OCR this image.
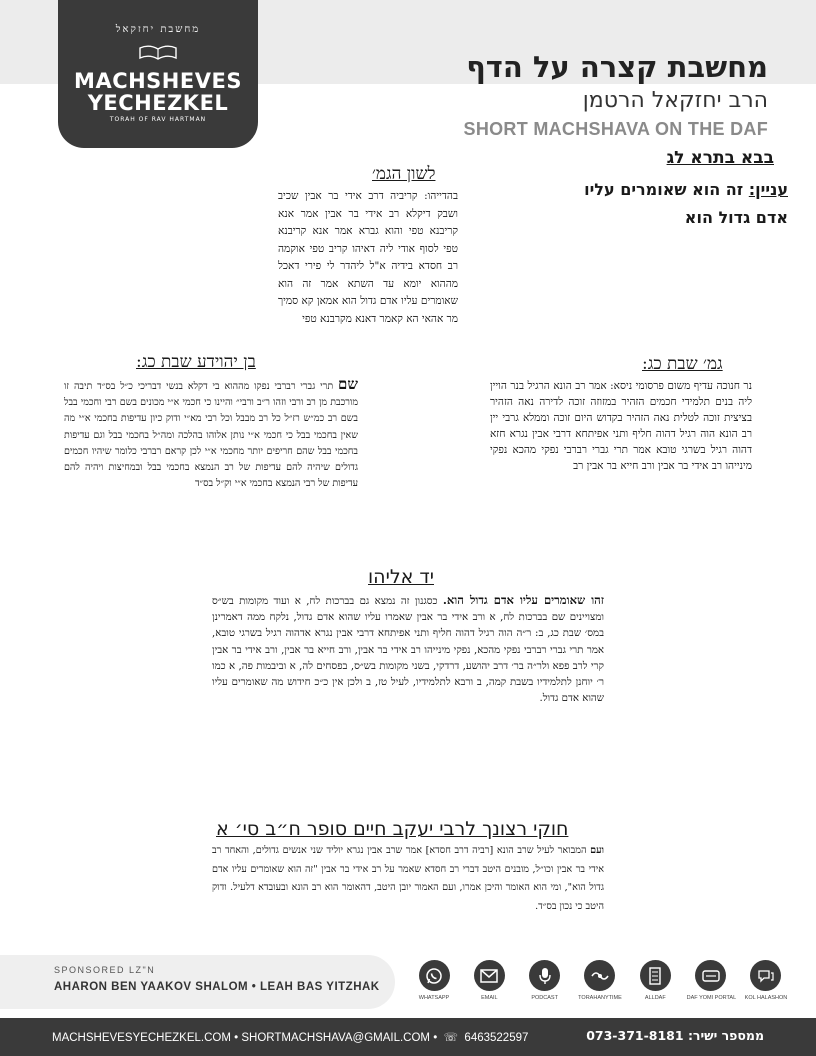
מחשבת יחזקאל
MACHSHEVES
YECHEZKEL
TORAH OF RAV HARTMAN
מחשבת קצרה על הדף
הרב יחזקאל הרטמן
SHORT MACHSHAVA ON THE DAF
בבא בתרא לג
עניין: זה הוא שאומרים עליו אדם גדול הוא
לשון הגמ׳
בהדייהו: קריביה דרב אידי בר אבין שכיב ושבק דיקלא רב אידי בר אבין אמר אנא קריבנא טפי והוא גברא אמר אנא קריבנא טפי לסוף אודי ליה דאיהו קריב טפי אוקמה רב חסדא בידיה א"ל ליהדר לי פירי דאכל מההוא יומא עד השתא אמר זה הוא שאומרים עליו אדם גדול הוא אמאן קא סמיך מר אהאי הא קאמר דאנא מקרבנא טפי
בן יהוידע שבת כג:
שם תרי גברי רברבי נפקו מההוא בי דקלא בנשי דבריכי כ״ל בס״ד תיבה זו מורכבת מן רב ורבי וזהו ר״ב ורבי״ והיינו כי חכמי א״י מכונים בשם רבי וחכמי בבל בשם רב כמ״ש רז״ל כל רב מבבל וכל רבי מא״י ודוק כיון עדיפות בחכמי א״י מה שאין בחכמי בבל כי חכמי א״י נותן אלוהו בהלכה ומה״ל בחכמי בבל וגם עדיפות בחכמי בבל שהם חריפים יותר מחכמי א״י לכן קראם רברבי כלומר שיהיו חכמים גדולים שיהיה להם עדיפות של רב הנמצא בחכמי בבל ובמחיצות ויהיה להם עדיפות של רבי הנמצא בחכמי א״י וק״ל בס״ד
גמ׳ שבת כג:
נר חנוכה עדיף משום פרסומי ניסא: אמר רב הונא הרגיל בנר הויין ליה בנים תלמידי חכמים הזהיר במזוזה זוכה לדירה נאה הזהיר בציצית זוכה לטלית נאה הזהיר בקדוש היום זוכה וממלא גרבי יין רב הונא הוה רגיל דהוה חליף ותני אפיתחא דרבי אבין נגרא חזא דהוה רגיל בשרגי טובא אמר תרי גברי רברבי נפקי מהכא נפקי מינייהו רב אידי בר אבין ורב חייא בר אבין רב
יד אליהו
זהו שאומרים עליו אדם גדול הוא. כסגנון זה נמצא גם בברכות לח, א ועוד מקומות בש״ס ומצויינים שם בברכות לח, א ורב אידי בר אבין שאמרו עליו שהוא אדם גדול, נלקח ממה דאמרינן במס׳ שבת כג, ב: ר״ה הוה רגיל דהוה חליף ותני אפיתחא דרבי אבין נגרא אדהוה רגיל בשרגי טובא, אמר תרי גברי רברבי נפקי מהכא, נפקי מינייהו רב אידי בר אבין, ורב חייא בר אבין, ורב אידי בר אבין קרי לרב פפא ולר״ה בר׳ דרב יהושע, דרדקי, בשני מקומות בש״ס, בפסחים לה, א וביבמות פה, א כמו ר׳ יוחנן לתלמידיו בשבת קמה, ב ורבא לתלמידיו, לעיל טז, ב ולכן אין כ״כ חידוש מה שאומרים עליו שהוא אדם גדול.
חוקי רצונך לרבי יעקב חיים סופר ח״ב סי׳ א
ועם המבואר לעיל שרב הונא [רביה דרב חסדא] אמר שרב אבין נגרא יוליד שני אנשים גדולים, והאחד רב אידי בר אבין וכו״ל, מובנים היטב דברי רב חסדא שאמר על רב אידי בר אבין "זה הוא שאומרים עליו אדם גדול הוא", ומי הוא האומר והיכן אמרו, ועם האמור יובן היטב, דהאומר הוא רב הונא ובעובדא דלעיל. ודוק היטב כי נכון בס״ד.
SPONSORED LZ"N
AHARON BEN YAAKOV SHALOM • LEAH BAS YITZHAK
WHATSAPP	EMAIL	PODCAST	TORAHANYTIME	ALLDAF	DAF YOMI PORTAL	KOL HALASHON
MACHSHEVESYECHEZKEL.COM • SHORTMACHSHAVA@GMAIL.COM •  ☏  6463522597	ממספר ישיר: 073-371-8181
